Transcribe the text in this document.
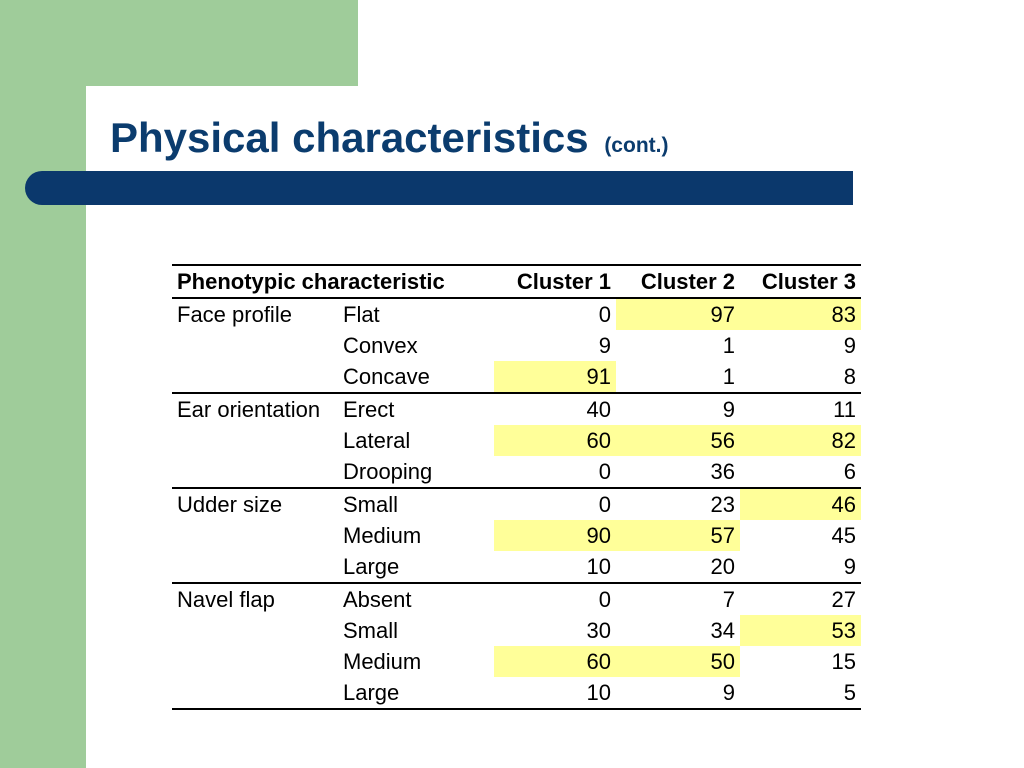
Physical characteristics (cont.)
Phenotypic characteristic		Cluster 1	Cluster 2	Cluster 3
Face profile	Flat	0	97	83
	Convex	9	1	9
	Concave	91	1	8
Ear orientation	Erect	40	9	11
	Lateral	60	56	82
	Drooping	0	36	6
Udder size	Small	0	23	46
	Medium	90	57	45
	Large	10	20	9
Navel flap	Absent	0	7	27
	Small	30	34	53
	Medium	60	50	15
	Large	10	9	5
